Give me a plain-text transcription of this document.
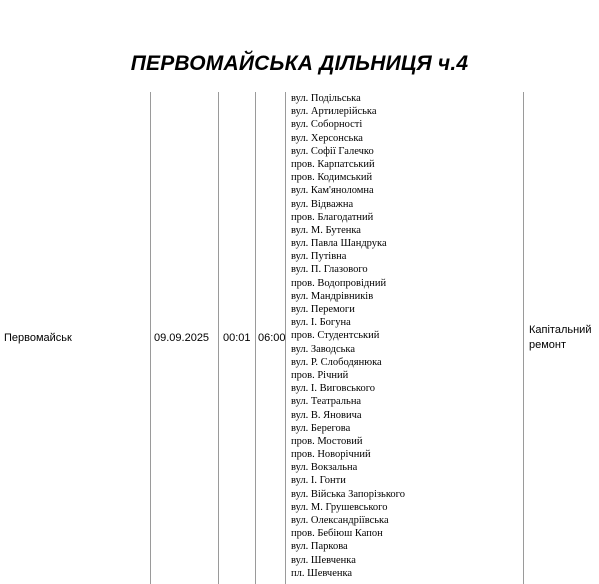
ПЕРВОМАЙСЬКА ДІЛЬНИЦЯ ч.4
Первомайськ	09.09.2025 00:01 06:00
вул. Подільська
вул. Артилерійська
вул. Соборності
вул. Херсонська
вул. Софії Галечко
пров. Карпатський
пров. Кодимський
вул. Кам'яноломна
вул. Відважна
пров. Благодатний
вул. М. Бутенка
вул. Павла Шандрука
вул. Путівна
вул. П. Глазового
пров. Водопровідний
вул. Мандрівників
вул. Перемоги
вул. І. Богуна
пров. Студентський
вул. Заводська
вул. Р. Слободянюка
пров. Річний
вул. І. Виговського
вул. Театральна
вул. В. Яновича
вул. Берегова
пров. Мостовий
пров. Новорічний
вул. Вокзальна
вул. І. Гонти
вул. Війська Запорізького
вул. М. Грушевського
вул. Олександріївська
пров. Бебіюш Капон
вул. Паркова
вул. Шевченка
пл. Шевченка
Капітальний
ремонт
